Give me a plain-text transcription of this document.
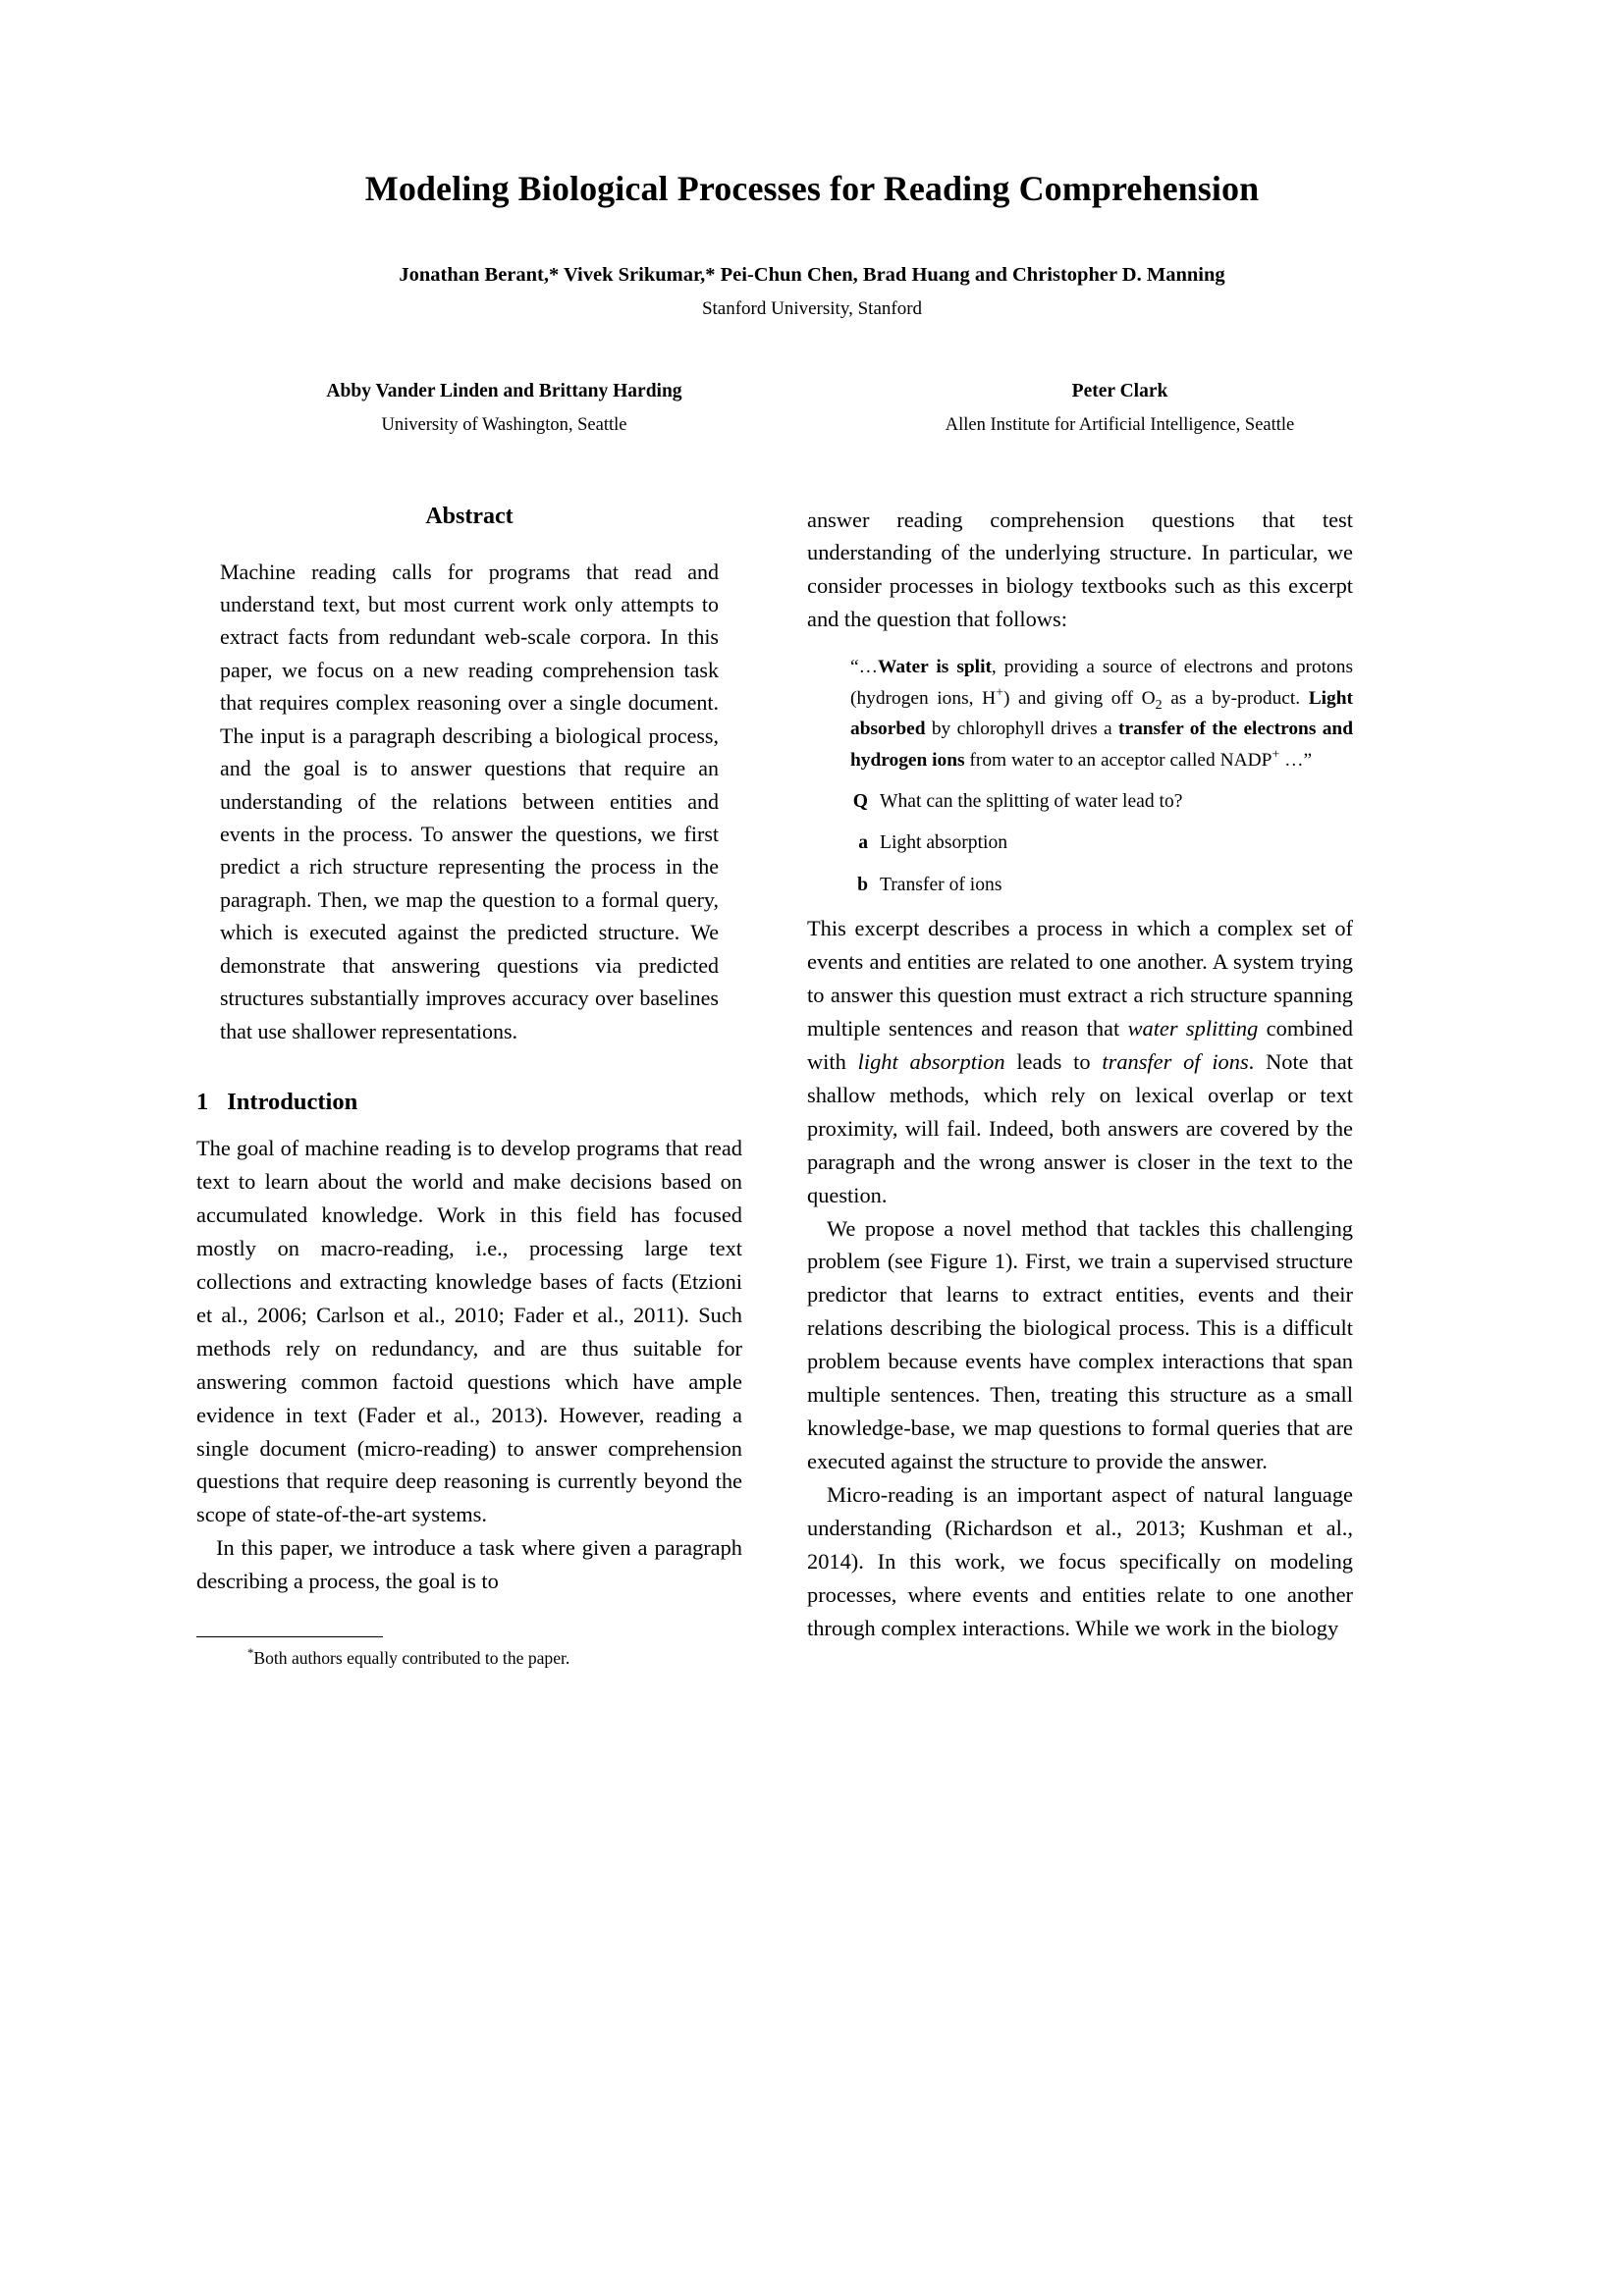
Modeling Biological Processes for Reading Comprehension
Jonathan Berant,* Vivek Srikumar,* Pei-Chun Chen, Brad Huang and Christopher D. Manning
Stanford University, Stanford
Abby Vander Linden and Brittany Harding
University of Washington, Seattle
Peter Clark
Allen Institute for Artificial Intelligence, Seattle
Abstract

Machine reading calls for programs that read and understand text, but most current work only attempts to extract facts from redundant web-scale corpora. In this paper, we focus on a new reading comprehension task that requires complex reasoning over a single document. The input is a paragraph describing a biological process, and the goal is to answer questions that require an understanding of the relations between entities and events in the process. To answer the questions, we first predict a rich structure representing the process in the paragraph. Then, we map the question to a formal query, which is executed against the predicted structure. We demonstrate that answering questions via predicted structures substantially improves accuracy over baselines that use shallower representations.

1 Introduction

The goal of machine reading is to develop programs that read text to learn about the world and make decisions based on accumulated knowledge. Work in this field has focused mostly on macro-reading, i.e., processing large text collections and extracting knowledge bases of facts (Etzioni et al., 2006; Carlson et al., 2010; Fader et al., 2011). Such methods rely on redundancy, and are thus suitable for answering common factoid questions which have ample evidence in text (Fader et al., 2013). However, reading a single document (micro-reading) to answer comprehension questions that require deep reasoning is currently beyond the scope of state-of-the-art systems.

In this paper, we introduce a task where given a paragraph describing a process, the goal is to

*Both authors equally contributed to the paper.

answer reading comprehension questions that test understanding of the underlying structure. In particular, we consider processes in biology textbooks such as this excerpt and the question that follows:

“…Water is split, providing a source of electrons and protons (hydrogen ions, H+) and giving off $O_2$ as a by-product. Light absorbed by chlorophyll drives a transfer of the electrons and hydrogen ions from water to an acceptor called NADP+ …”
Q What can the splitting of water lead to?
a Light absorption
b Transfer of ions

This excerpt describes a process in which a complex set of events and entities are related to one another. A system trying to answer this question must extract a rich structure spanning multiple sentences and reason that water splitting combined with light absorption leads to transfer of ions. Note that shallow methods, which rely on lexical overlap or text proximity, will fail. Indeed, both answers are covered by the paragraph and the wrong answer is closer in the text to the question.

We propose a novel method that tackles this challenging problem (see Figure 1). First, we train a supervised structure predictor that learns to extract entities, events and their relations describing the biological process. This is a difficult problem because events have complex interactions that span multiple sentences. Then, treating this structure as a small knowledge-base, we map questions to formal queries that are executed against the structure to provide the answer.

Micro-reading is an important aspect of natural language understanding (Richardson et al., 2013; Kushman et al., 2014). In this work, we focus specifically on modeling processes, where events and entities relate to one another through complex interactions. While we work in the biology
